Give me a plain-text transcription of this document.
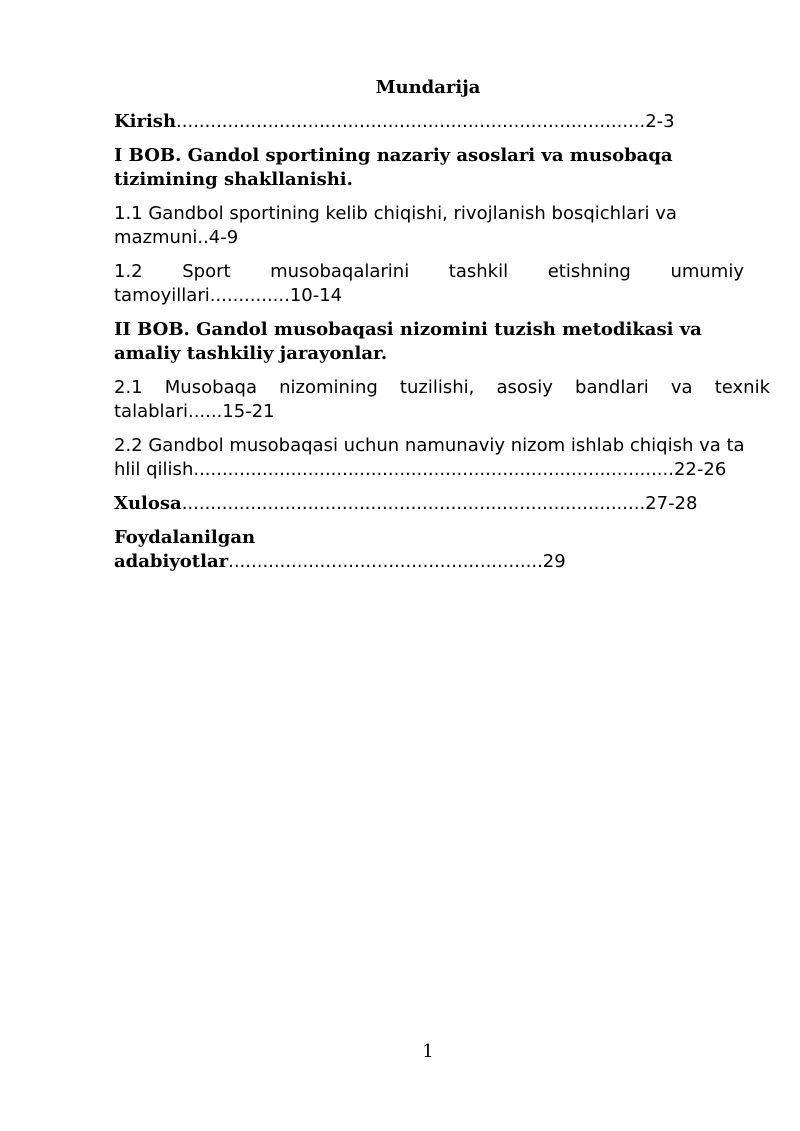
Mundarija
Kirish..................................................................................2-3
I BOB. Gandol sportining nazariy asoslari va musobaqa tizimining shakllanishi.
1.1 Gandbol sportining kelib chiqishi, rivojlanish bosqichlari va mazmuni..4-9
1.2 Sport musobaqalarini tashkil etishning umumiy tamoyillari..............10-14
II BOB. Gandol musobaqasi nizomini tuzish metodikasi va amaliy tashkiliy jarayonlar.
2.1 Musobaqa nizomining tuzilishi, asosiy bandlari va texnik talablari......15-21
2.2 Gandbol musobaqasi uchun namunaviy nizom ishlab chiqish va tahlil qilish....................................................................................22-26
Xulosa.................................................................................27-28
Foydalanilgan adabiyotlar.......................................................29
1
